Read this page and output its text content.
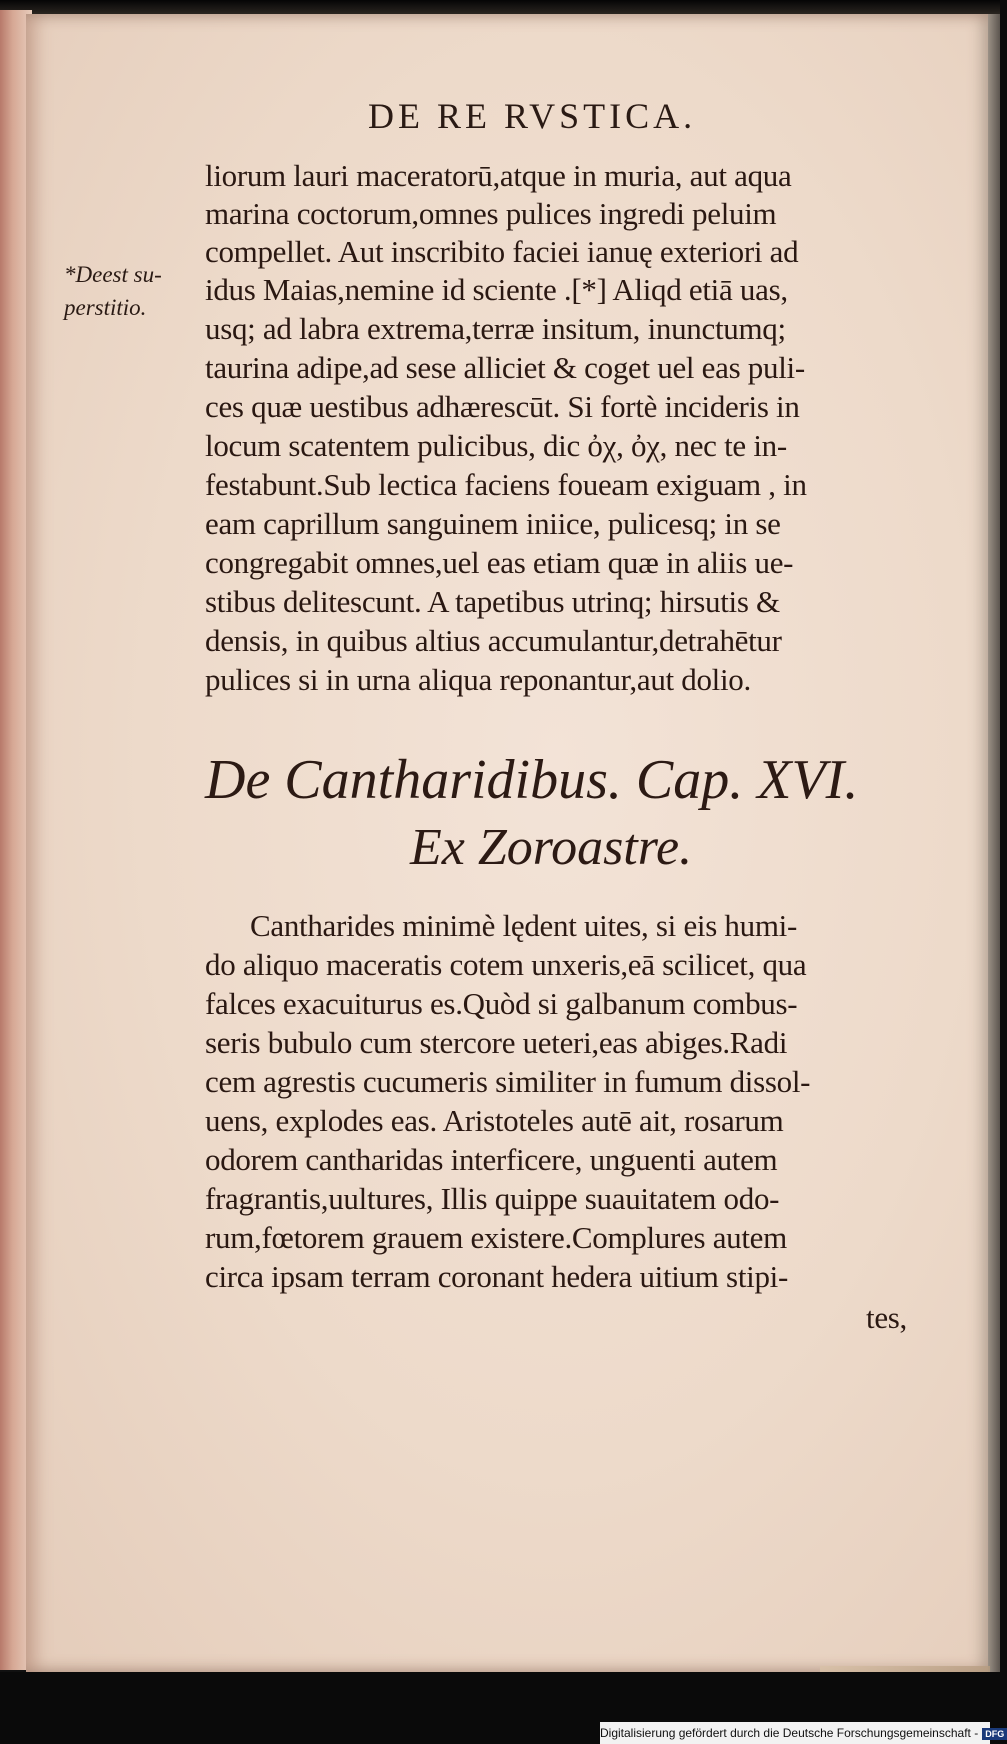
DE RE RVSTICA.
*Deest su-
perstitio.
liorum lauri maceratorū,atque in muria, aut aqua
marina coctorum,omnes pulices ingredi peluim
compellet. Aut inscribito faciei ianuę exteriori ad
idus Maias,nemine id sciente .[*] Aliqd etiā uas,
usq; ad labra extrema,terræ insitum, inunctumq;
taurina adipe,ad sese alliciet & coget uel eas puli-
ces quæ uestibus adhærescūt. Si fortè incideris in
locum scatentem pulicibus, dic ὀχ, ὀχ, nec te in-
festabunt.Sub lectica faciens foueam exiguam , in
eam caprillum sanguinem iniice, pulicesq; in se
congregabit omnes,uel eas etiam quæ in aliis ue-
stibus delitescunt. A tapetibus utrinq; hirsutis &
densis, in quibus altius accumulantur,detrahētur
pulices si in urna aliqua reponantur,aut dolio.
De Cantharidibus. Cap. XVI.
Ex Zoroastre.
Cantharides minimè lędent uites, si eis humi-
do aliquo maceratis cotem unxeris,eā scilicet, qua
falces exacuiturus es.Quòd si galbanum combus-
seris bubulo cum stercore ueteri,eas abiges.Radi
cem agrestis cucumeris similiter in fumum dissol-
uens, explodes eas. Aristoteles autē ait, rosarum
odorem cantharidas interficere, unguenti autem
fragrantis,uultures, Illis quippe suauitatem odo-
rum,fœtorem grauem existere.Complures autem
circa ipsam terram coronant hedera uitium stipi-
tes,
Digitalisierung gefördert durch die Deutsche Forschungsgemeinschaft - DFG
